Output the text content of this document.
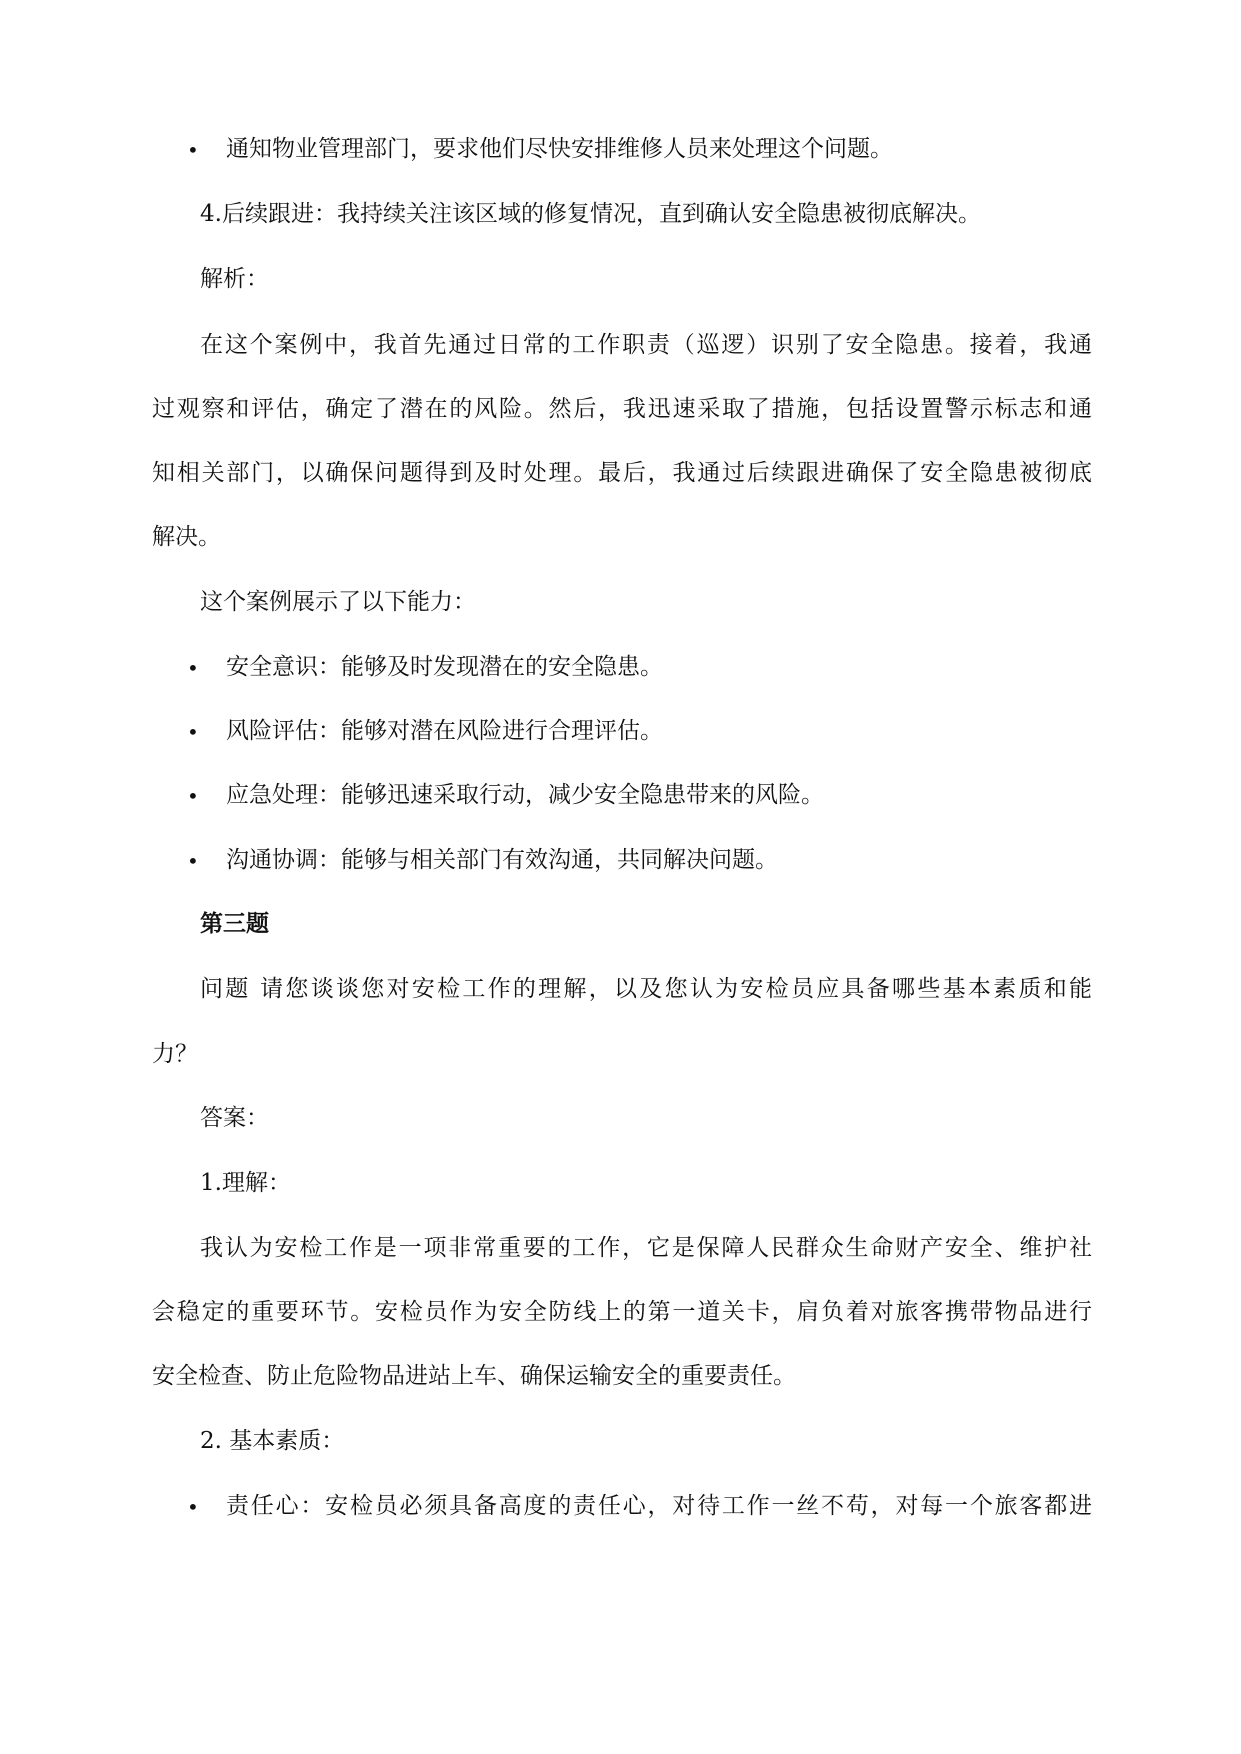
• 通知物业管理部门，要求他们尽快安排维修人员来处理这个问题。
4.后续跟进：我持续关注该区域的修复情况，直到确认安全隐患被彻底解决。
解析：
在这个案例中，我首先通过日常的工作职责（巡逻）识别了安全隐患。接着，我通
过观察和评估，确定了潜在的风险。然后，我迅速采取了措施，包括设置警示标志和通
知相关部门，以确保问题得到及时处理。最后，我通过后续跟进确保了安全隐患被彻底
解决。
这个案例展示了以下能力：
• 安全意识：能够及时发现潜在的安全隐患。
• 风险评估：能够对潜在风险进行合理评估。
• 应急处理：能够迅速采取行动，减少安全隐患带来的风险。
• 沟通协调：能够与相关部门有效沟通，共同解决问题。
第三题
问题 请您谈谈您对安检工作的理解，以及您认为安检员应具备哪些基本素质和能
力？
答案：
1.理解：
我认为安检工作是一项非常重要的工作，它是保障人民群众生命财产安全、维护社
会稳定的重要环节。安检员作为安全防线上的第一道关卡，肩负着对旅客携带物品进行
安全检查、防止危险物品进站上车、确保运输安全的重要责任。
2. 基本素质：
• 责任心：安检员必须具备高度的责任心，对待工作一丝不苟，对每一个旅客都进
